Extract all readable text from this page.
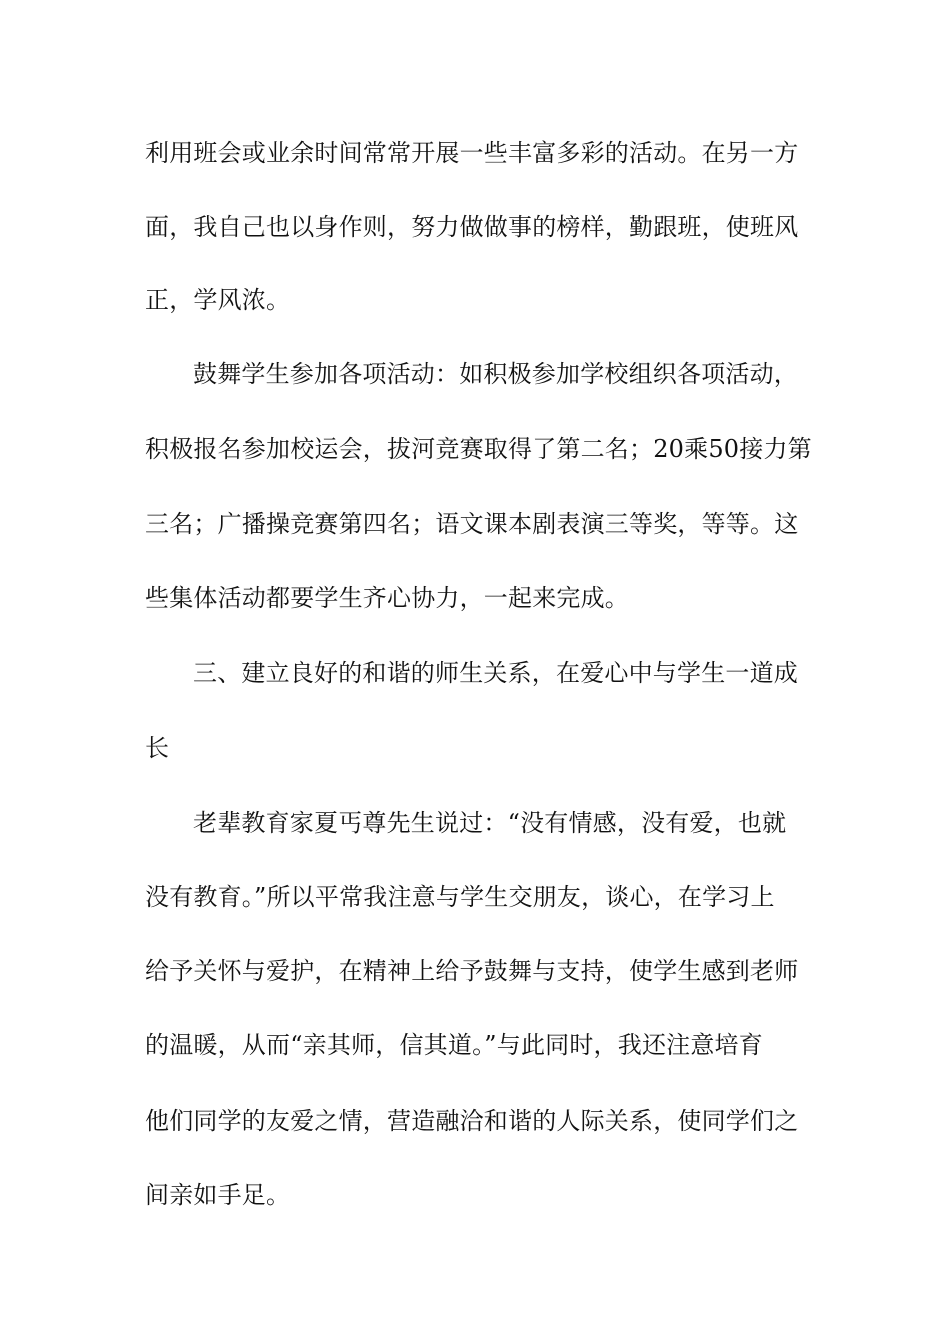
利用班会或业余时间常常开展一些丰富多彩的活动。在另一方
面，我自己也以身作则，努力做做事的榜样，勤跟班，使班风
正，学风浓。
鼓舞学生参加各项活动：如积极参加学校组织各项活动，
积极报名参加校运会，拔河竞赛取得了第二名；20乘50接力第
三名；广播操竞赛第四名；语文课本剧表演三等奖，等等。这
些集体活动都要学生齐心协力，一起来完成。
三、建立良好的和谐的师生关系，在爱心中与学生一道成
长
老辈教育家夏丐尊先生说过：“没有情感，没有爱，也就
没有教育。”所以平常我注意与学生交朋友，谈心，在学习上
给予关怀与爱护，在精神上给予鼓舞与支持，使学生感到老师
的温暖，从而“亲其师，信其道。”与此同时，我还注意培育
他们同学的友爱之情，营造融洽和谐的人际关系，使同学们之
间亲如手足。
